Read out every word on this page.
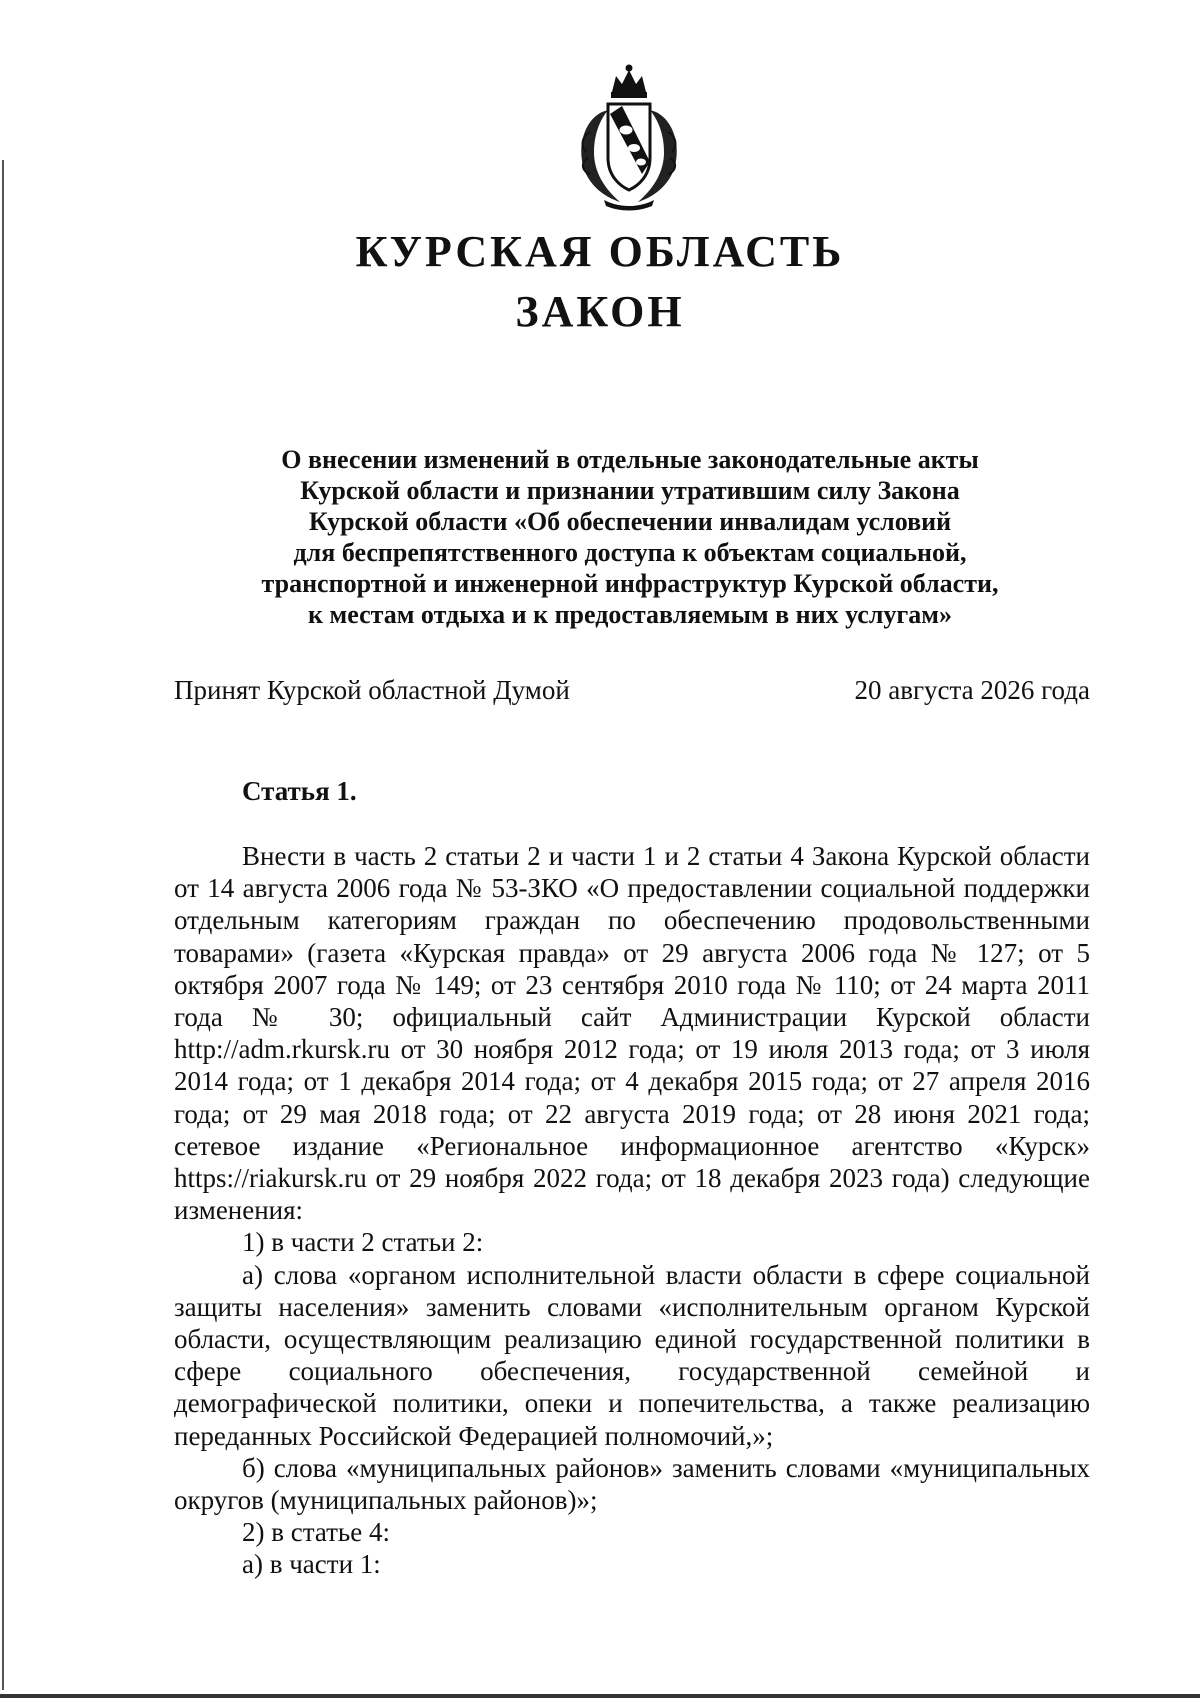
КУРСКАЯ ОБЛАСТЬ
ЗАКОН
О внесении изменений в отдельные законодательные акты
Курской области и признании утратившим силу Закона
Курской области «Об обеспечении инвалидам условий
для беспрепятственного доступа к объектам социальной,
транспортной и инженерной инфраструктур Курской области,
к местам отдыха и к предоставляемым в них услугам»
Принят Курской областной Думой	20 августа 2026 года
Статья 1.

Внести в часть 2 статьи 2 и части 1 и 2 статьи 4 Закона Курской области от 14 августа 2006 года № 53-ЗКО «О предоставлении социальной поддержки отдельным категориям граждан по обеспечению продовольственными товарами» (газета «Курская правда» от 29 августа 2006 года № 127; от 5 октября 2007 года № 149; от 23 сентября 2010 года № 110; от 24 марта 2011 года № 30; официальный сайт Администрации Курской области http://adm.rkursk.ru от 30 ноября 2012 года; от 19 июля 2013 года; от 3 июля 2014 года; от 1 декабря 2014 года; от 4 декабря 2015 года; от 27 апреля 2016 года; от 29 мая 2018 года; от 22 августа 2019 года; от 28 июня 2021 года; сетевое издание «Региональное информационное агентство «Курск» https://riakursk.ru от 29 ноября 2022 года; от 18 декабря 2023 года) следующие изменения:

1) в части 2 статьи 2:

а) слова «органом исполнительной власти области в сфере социальной защиты населения» заменить словами «исполнительным органом Курской области, осуществляющим реализацию единой государственной политики в сфере социального обеспечения, государственной семейной и демографической политики, опеки и попечительства, а также реализацию переданных Российской Федерацией полномочий,»;

б) слова «муниципальных районов» заменить словами «муниципальных округов (муниципальных районов)»;

2) в статье 4:

а) в части 1:
